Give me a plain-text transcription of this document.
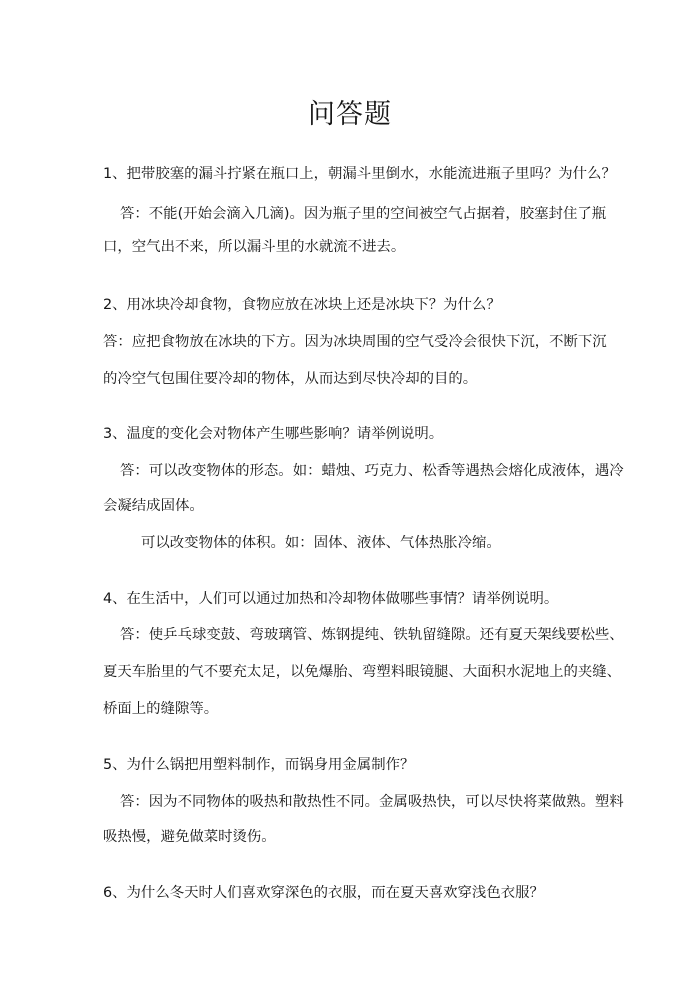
问答题
1、把带胶塞的漏斗拧紧在瓶口上，朝漏斗里倒水，水能流进瓶子里吗？为什么？
答：不能(开始会滴入几滴)。因为瓶子里的空间被空气占据着，胶塞封住了瓶
口，空气出不来，所以漏斗里的水就流不进去。
2、用冰块冷却食物，食物应放在冰块上还是冰块下？为什么？
答：应把食物放在冰块的下方。因为冰块周围的空气受冷会很快下沉，不断下沉
的冷空气包围住要冷却的物体，从而达到尽快冷却的目的。
3、温度的变化会对物体产生哪些影响？请举例说明。
答：可以改变物体的形态。如：蜡烛、巧克力、松香等遇热会熔化成液体，遇冷
会凝结成固体。
可以改变物体的体积。如：固体、液体、气体热胀冷缩。
4、在生活中，人们可以通过加热和冷却物体做哪些事情？请举例说明。
答：使乒乓球变鼓、弯玻璃管、炼钢提纯、铁轨留缝隙。还有夏天架线要松些、
夏天车胎里的气不要充太足，以免爆胎、弯塑料眼镜腿、大面积水泥地上的夹缝、
桥面上的缝隙等。
5、为什么锅把用塑料制作，而锅身用金属制作？
答：因为不同物体的吸热和散热性不同。金属吸热快，可以尽快将菜做熟。塑料
吸热慢，避免做菜时烫伤。
6、为什么冬天时人们喜欢穿深色的衣服，而在夏天喜欢穿浅色衣服？
